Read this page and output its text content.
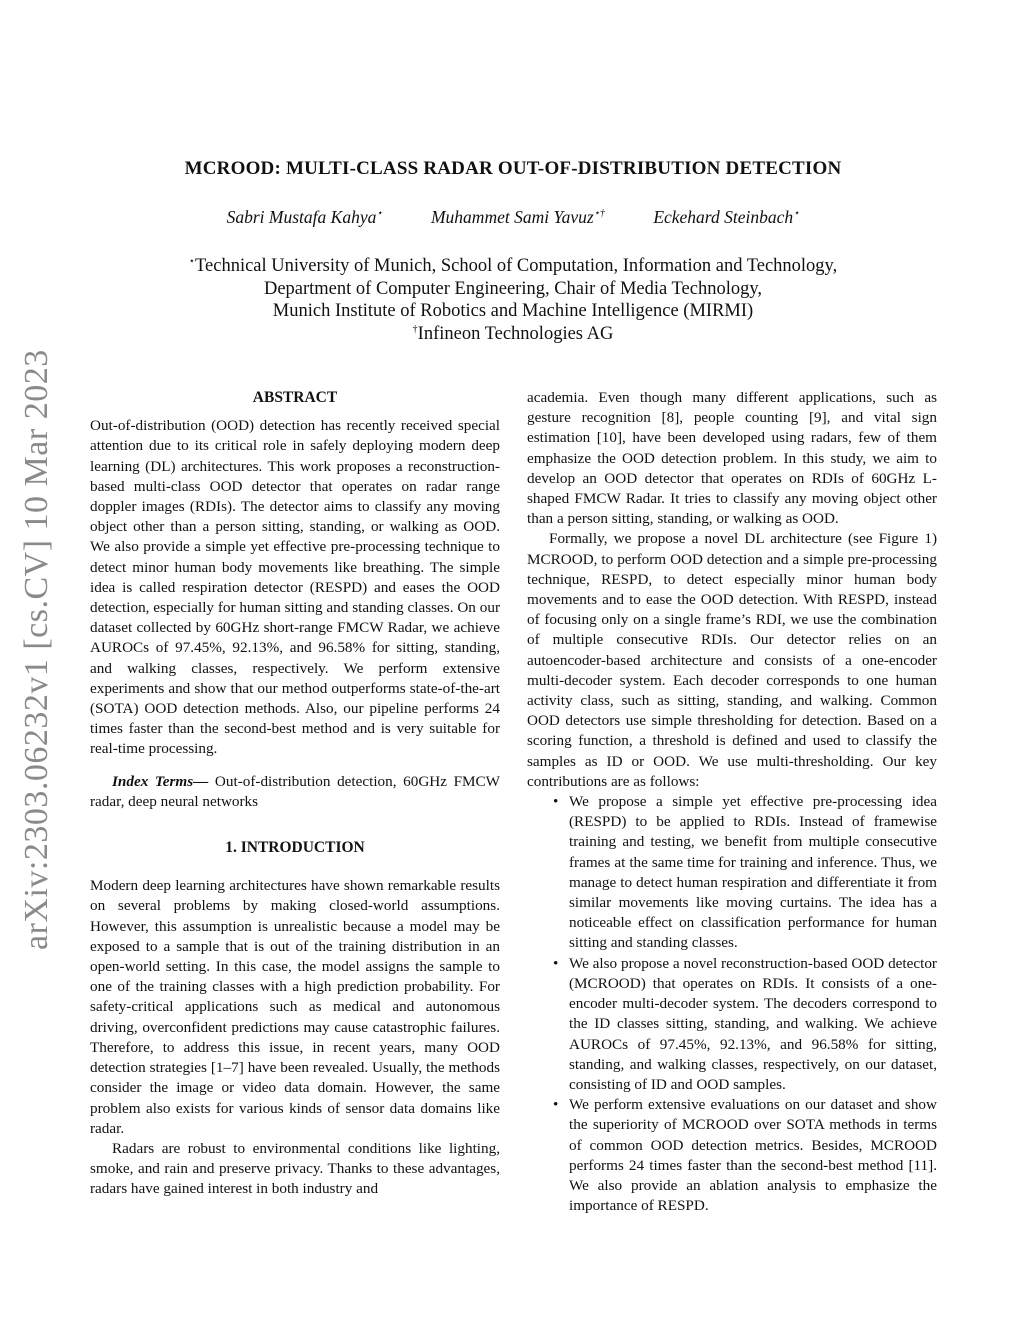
arXiv:2303.06232v1 [cs.CV] 10 Mar 2023
MCROOD: MULTI-CLASS RADAR OUT-OF-DISTRIBUTION DETECTION
Sabri Mustafa Kahya⋆	Muhammet Sami Yavuz⋆†	Eckehard Steinbach⋆
⋆Technical University of Munich, School of Computation, Information and Technology,
Department of Computer Engineering, Chair of Media Technology,
Munich Institute of Robotics and Machine Intelligence (MIRMI)
†Infineon Technologies AG
ABSTRACT

Out-of-distribution (OOD) detection has recently received special attention due to its critical role in safely deploying modern deep learning (DL) architectures. This work proposes a reconstruction-based multi-class OOD detector that operates on radar range doppler images (RDIs). The detector aims to classify any moving object other than a person sitting, standing, or walking as OOD. We also provide a simple yet effective pre-processing technique to detect minor human body movements like breathing. The simple idea is called respiration detector (RESPD) and eases the OOD detection, especially for human sitting and standing classes. On our dataset collected by 60GHz short-range FMCW Radar, we achieve AUROCs of 97.45%, 92.13%, and 96.58% for sitting, standing, and walking classes, respectively. We perform extensive experiments and show that our method outperforms state-of-the-art (SOTA) OOD detection methods. Also, our pipeline performs 24 times faster than the second-best method and is very suitable for real-time processing.

Index Terms— Out-of-distribution detection, 60GHz FMCW radar, deep neural networks

1. INTRODUCTION

Modern deep learning architectures have shown remarkable results on several problems by making closed-world assumptions. However, this assumption is unrealistic because a model may be exposed to a sample that is out of the training distribution in an open-world setting. In this case, the model assigns the sample to one of the training classes with a high prediction probability. For safety-critical applications such as medical and autonomous driving, overconfident predictions may cause catastrophic failures. Therefore, to address this issue, in recent years, many OOD detection strategies [1–7] have been revealed. Usually, the methods consider the image or video data domain. However, the same problem also exists for various kinds of sensor data domains like radar.

Radars are robust to environmental conditions like lighting, smoke, and rain and preserve privacy. Thanks to these advantages, radars have gained interest in both industry and

academia. Even though many different applications, such as gesture recognition [8], people counting [9], and vital sign estimation [10], have been developed using radars, few of them emphasize the OOD detection problem. In this study, we aim to develop an OOD detector that operates on RDIs of 60GHz L-shaped FMCW Radar. It tries to classify any moving object other than a person sitting, standing, or walking as OOD.

Formally, we propose a novel DL architecture (see Figure 1) MCROOD, to perform OOD detection and a simple pre-processing technique, RESPD, to detect especially minor human body movements and to ease the OOD detection. With RESPD, instead of focusing only on a single frame’s RDI, we use the combination of multiple consecutive RDIs. Our detector relies on an autoencoder-based architecture and consists of a one-encoder multi-decoder system. Each decoder corresponds to one human activity class, such as sitting, standing, and walking. Common OOD detectors use simple thresholding for detection. Based on a scoring function, a threshold is defined and used to classify the samples as ID or OOD. We use multi-thresholding. Our key contributions are as follows:

• We propose a simple yet effective pre-processing idea (RESPD) to be applied to RDIs. Instead of framewise training and testing, we benefit from multiple consecutive frames at the same time for training and inference. Thus, we manage to detect human respiration and differentiate it from similar movements like moving curtains. The idea has a noticeable effect on classification performance for human sitting and standing classes.
• We also propose a novel reconstruction-based OOD detector (MCROOD) that operates on RDIs. It consists of a one-encoder multi-decoder system. The decoders correspond to the ID classes sitting, standing, and walking. We achieve AUROCs of 97.45%, 92.13%, and 96.58% for sitting, standing, and walking classes, respectively, on our dataset, consisting of ID and OOD samples.
• We perform extensive evaluations on our dataset and show the superiority of MCROOD over SOTA methods in terms of common OOD detection metrics. Besides, MCROOD performs 24 times faster than the second-best method [11]. We also provide an ablation analysis to emphasize the importance of RESPD.
